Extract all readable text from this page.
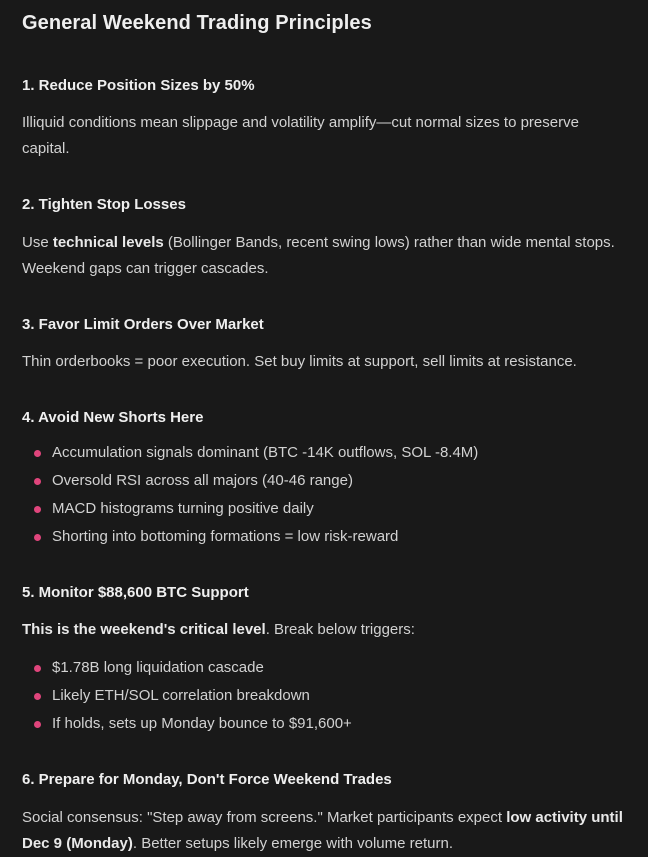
General Weekend Trading Principles
1. Reduce Position Sizes by 50%

Illiquid conditions mean slippage and volatility amplify—cut normal sizes to preserve capital.

2. Tighten Stop Losses

Use technical levels (Bollinger Bands, recent swing lows) rather than wide mental stops. Weekend gaps can trigger cascades.

3. Favor Limit Orders Over Market

Thin orderbooks = poor execution. Set buy limits at support, sell limits at resistance.

4. Avoid New Shorts Here
Accumulation signals dominant (BTC -14K outflows, SOL -8.4M)
Oversold RSI across all majors (40-46 range)
MACD histograms turning positive daily
Shorting into bottoming formations = low risk-reward
5. Monitor $88,600 BTC Support

This is the weekend's critical level. Break below triggers:

$1.78B long liquidation cascade
Likely ETH/SOL correlation breakdown
If holds, sets up Monday bounce to $91,600+
6. Prepare for Monday, Don't Force Weekend Trades

Social consensus: "Step away from screens." Market participants expect low activity until Dec 9 (Monday). Better setups likely emerge with volume return.
